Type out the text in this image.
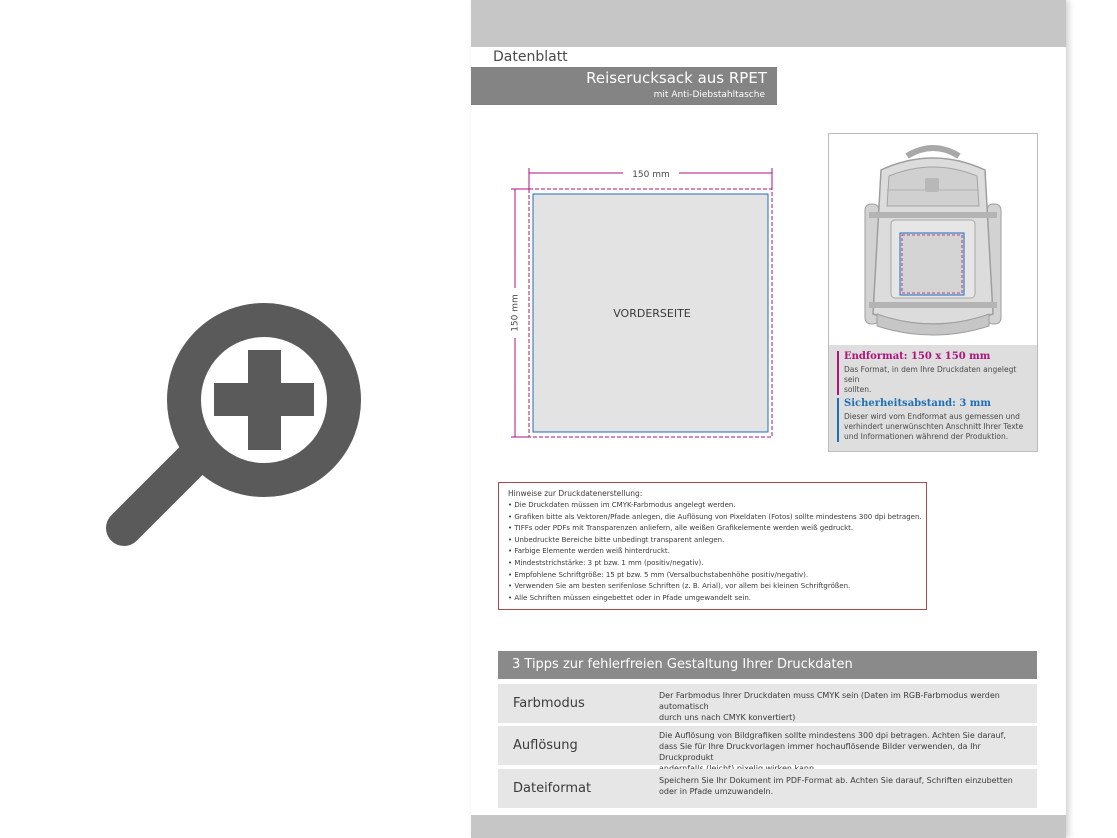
Datenblatt
Reiserucksack aus RPET
mit Anti-Diebstahltasche
150 mm
150 mm	VORDERSEITE
Endformat: 150 x 150 mm
Das Format, in dem Ihre Druckdaten angelegt sein
sollten.
Sicherheitsabstand: 3 mm
Dieser wird vom Endformat aus gemessen und
verhindert unerwünschten Anschnitt Ihrer Texte
und Informationen während der Produktion.
Hinweise zur Druckdatenerstellung:
• Die Druckdaten müssen im CMYK-Farbmodus angelegt werden.
• Grafiken bitte als Vektoren/Pfade anlegen, die Auflösung von Pixeldaten (Fotos) sollte mindestens 300 dpi betragen.
• TIFFs oder PDFs mit Transparenzen anliefern, alle weißen Grafikelemente werden weiß gedruckt.
• Unbedruckte Bereiche bitte unbedingt transparent anlegen.
• Farbige Elemente werden weiß hinterdruckt.
• Mindeststrichstärke: 3 pt bzw. 1 mm (positiv/negativ).
• Empfohlene Schriftgröße: 15 pt bzw. 5 mm (Versalbuchstabenhöhe positiv/negativ).
• Verwenden Sie am besten serifenlose Schriften (z. B. Arial), vor allem bei kleinen Schriftgrößen.
• Alle Schriften müssen eingebettet oder in Pfade umgewandelt sein.
3 Tipps zur fehlerfreien Gestaltung Ihrer Druckdaten
Farbmodus
Der Farbmodus Ihrer Druckdaten muss CMYK sein (Daten im RGB-Farbmodus werden automatisch
durch uns nach CMYK konvertiert)
Auflösung
Die Auflösung von Bildgrafiken sollte mindestens 300 dpi betragen. Achten Sie darauf,
dass Sie für Ihre Druckvorlagen immer hochauflösende Bilder verwenden, da Ihr Druckprodukt
Dateiformat
Speichern Sie Ihr Dokument im PDF-Format ab. Achten Sie darauf, Schriften einzubetten
oder in Pfade umzuwandeln.
